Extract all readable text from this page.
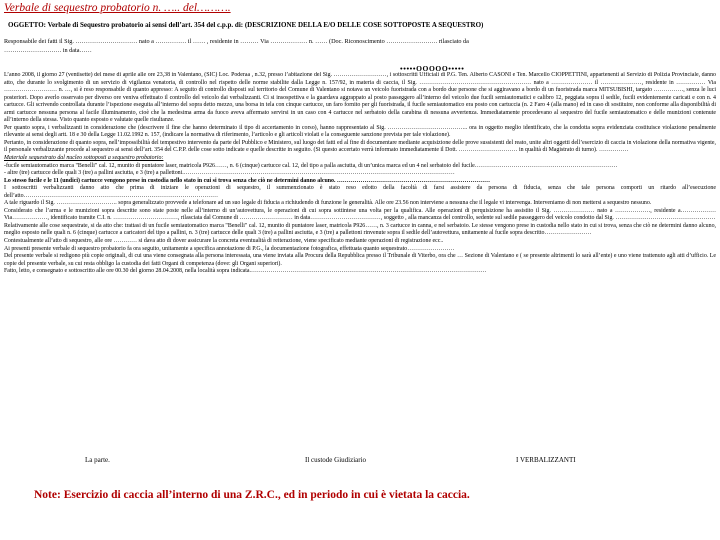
Verbale di sequestro probatorio n. ….. del……….
OGGETTO: Verbale di Sequestro probatorio ai sensi dell’art. 354 del c.p.p. di: (DESCRIZIONE DELLA E/O DELLE COSE SOTTOPOSTE A SEQUESTRO)
Responsabile dei fatti il Sig. ………………………… nato a …………… il …… , residente in ……… Via ……………… n. …… (Doc. Riconoscimento ……………………. rilasciato da
………………………. in data……
•••••OOOOO•••••

L’anno 2008, il giorno 27 (ventisette) del mese di aprile alle ore 23,38 in Valentano, (SIC) Loc. Poderaa , n.32, presso l’abitazione del Sig. ………………………, i sottoscritti Ufficiali di P.G. Ten. Alberto CASONI e Ten. Marcello CIOPPETTINI, appartenenti al Servizio di Polizia Provinciale, danno atto, che durante lo svolgimento di un servizio di vigilanza venatoria, di controllo nel rispetto delle norme stabilite dalla Legge n. 157/92, in materia di caccia, il Sig. ………………………………………………… nato a ………………… il …………………, residente in …………… Via ……………………… n. …, si è reso responsabile di quanto appresso: A seguito di controllo disposti sul territorio del Comune di Valentano si notava un veicolo fuoristrada con a bordo due persone che si aggiravano a bordo di un fuoristrada marca MITSUBISHI, targato ……………, senza le luci posteriori. Dopo averlo osservato per diverso ore veniva effettuato il controllo del veicolo dai verbalizzanti. Ci si insospettiva e la guardava aggrappato al posto passeggero all’interno del veicolo due fucili semiautomatici e calibro 12, peggiata sopra il sedile, fucili evidentemente caricati e con n. 4 cartucce. Gli scrivendo controllata durante l’ispezione eseguita all’interno del sopra detto mezzo, una borsa in tela con cinque cartucce, un faro fornito per gli fuoristrada, il fucile semiautomatico era posto con cartuccia (n. 2 Faro 4 (alla mano) ed in caso di sostituire, non conforme alla disponibilità di armi cartucce nessuna persona al facile illuminamento, cioè che la medesima arma da fuoco aveva affermato servirsi in un caso con 4 cartucce nel serbatoio della carabina di nessuna avvertenza. Immediatamente procedevano al sequestro del fucile semiautomatico e delle munizioni contenute all’interno della stessa. Visto quanto esposto e valutate quelle risultanze.

Per quanto sopra, i verbalizzanti in considerazione che (descrivere il fine che hanno determinato il tipo di accertamento in corso), hanno rappresentato al Sig. ………………………………….. ora in oggetto meglio identificato, che la condotta sopra evidenziata costituisce violazione penalmente rilevante ai sensi degli artt. 18 e 30 della Legge 11.02.1992 n. 157, (indicare la normativa di riferimento, l’articolo e gli articoli violati e la conseguente sanzione prevista per tale violazione).

Pertanto, in considerazione di quanto sopra, nell’impossibilità del tempestivo intervento da parte del Pubblico e Ministero, sul luogo dei fatti ed al fine di documentare mediante acquisizione delle prove sussistenti del reato, unite altri oggetti dell’esercizio di caccia in violazione della normativa vigente, il personale verbalizzante procede al sequestro ai sensi dell’art. 354 del C.P.P. delle cose sotto indicate e quelle descritte in seguito. (Si questo accertato verrà informato immediatamente il Dott. ………………………… in qualità di Magistrato di turno). ……………

Materiale sequestrato dal nucleo sottoposti a sequestro probatorio:

-fucile semiautomatico marca "Benelli" cal. 12, munito di puntatore laser, matricola P926……, n. 6 (cinque) cartucce cal. 12, del tipo a palla asciutta, di un’unica marca ed un 4 nel serbatoio del fucile.………………………………………………………………

- altre (tre) cartucce delle quali 3 (tre) a pallini asciutta, e 3 (tre) a pallettoni.…………………………………………………………………………………………………………………………

Lo stesso fucile e le 11 (undici) cartucce vengono prese in custodia nello stato in cui si trova senza che ciò ne determini danno alcuno. ……………………………………………………………………

I sottoscritti verbalizzanti danno atto che prima di iniziare le operazioni di sequestro, il summenzionato è stato reso edotto della facoltà di farsi assistere da persona di fiducia, senza che tale persona comporti un ritardo all’esecuzione dell’atto………………………………………………………………………………………

A tale riguardo il Sig. …………………………. sopra generalizzato provvede a telefonare ad un suo legale di fiducia a richiudendo di funzione le generalità. Alle ore 23.56 non interviene a nessuna che il legale vi intervenga. Interveniamo di non mettersi a sequestro nessuno.

Considerato che l’arma e le munizioni sopra descritte sono state poste nelle all’interno di un’autovettura, le operazioni di cui sopra sottintese una volta per la qualifica. Alle operazioni di perquisizione ha assistito il Sig. ………………… nato a ………………, residente a……………… Via………………, identificato tramite C.I. n. ……………………………, rilasciata dal Comune di ……………………… in data………………………………, soggetto , alla mancanza del controllo, sedente sul sedile passeggero del veicolo condotto dal Sig. ……………………………………………

Relativamente alle cose sequestrate, si da atto che: trattasi di un fucile semiautomatico marca "Benelli" cal. 12, munito di puntatore laser, matricola P926……, n. 3 cartucce in canna, e nel serbatoio. Le stesse vengono prese in custodia nello stato in cui si trova, senza che ciò ne determini danno alcuno, meglio esposto nelle quali n. 6 (cinque) cartucce a caricatori del tipo a pallini, n. 3 (tre) cartucce delle quali 3 (tre) a pallini asciutta, e 3 (tre) a pallettoni rinvenute sopra il sedile dell’autovettura, unitamente al fucile sopra descritto……………………

Contestualmente all’atto di sequestro, alle ore ………… si dava atto di dover assicurare la concreta eventualità di reiterazione, viene specificato mediante operazioni di registrazione ecc..

Ai presenti presente verbale di sequestro probatorio fa ora seguito, unitamente a specifica annotazione di P.G., la documentazione fotografica, effettuata quanto sequestrato……………………

Del presente verbale si redigono più copie originali, di cui una viene consegnata alla persona interessata, una viene inviata alla Procura della Repubblica presso il Tribunale di Viterbo, ora che … Sezione di Valentano e ( se presente altrimenti lo sarà all’ente) e uno viene trattenuto agli atti d’ufficio. Le copie del presente verbale, su cui resta obbligo la custodia dei fatti Organi di competenza (dove: gli Organi superiori).

Fatto, letto, e consegnato e sottoscritto alle ore 00.30 del giorno 28.04.2008, nella località sopra indicata.…………………………………………………………………………………………………………

La parte.	Il custode Giudiziario	I VERBALIZZANTI
Note: Esercizio di caccia all’interno di una Z.R.C., ed in periodo in cui è vietata la caccia.
